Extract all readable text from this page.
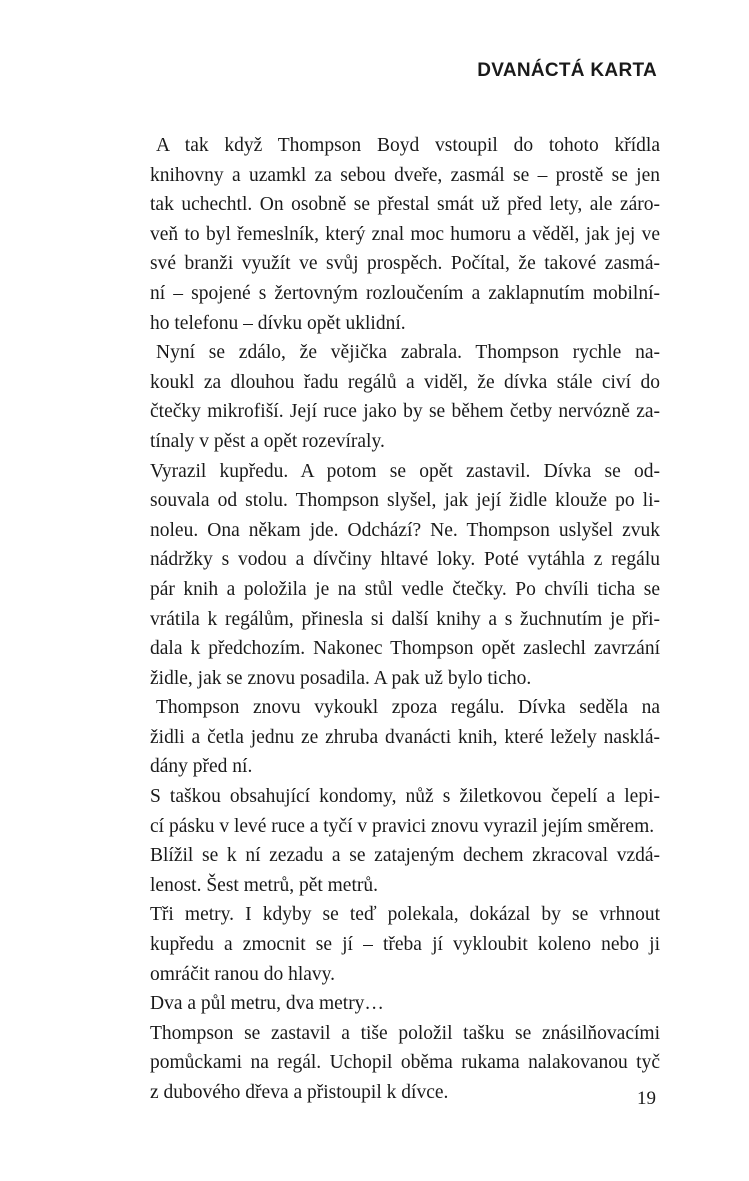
DVANÁCTÁ KARTA

A tak když Thompson Boyd vstoupil do tohoto křídla
knihovny a uzamkl za sebou dveře, zasmál se – prostě se jen
tak uchechtl. On osobně se přestal smát už před lety, ale záro-
veň to byl řemeslník, který znal moc humoru a věděl, jak jej ve
své branži využít ve svůj prospěch. Počítal, že takové zasmá-
ní – spojené s žertovným rozloučením a zaklapnutím mobilní-
ho telefonu – dívku opět uklidní.

Nyní se zdálo, že vějička zabrala. Thompson rychle na-
koukl za dlouhou řadu regálů a viděl, že dívka stále civí do
čtečky mikrofiší. Její ruce jako by se během četby nervózně za-
tínaly v pěst a opět rozevíraly.

Vyrazil kupředu. A potom se opět zastavil. Dívka se od-
souvala od stolu. Thompson slyšel, jak její židle klouže po li-
noleu. Ona někam jde. Odchází? Ne. Thompson uslyšel zvuk
nádržky s vodou a dívčiny hltavé loky. Poté vytáhla z regálu
pár knih a položila je na stůl vedle čtečky. Po chvíli ticha se
vrátila k regálům, přinesla si další knihy a s žuchnutím je při-
dala k předchozím. Nakonec Thompson opět zaslechl zavrzání
židle, jak se znovu posadila. A pak už bylo ticho.

Thompson znovu vykoukl zpoza regálu. Dívka seděla na
židli a četla jednu ze zhruba dvanácti knih, které ležely nasklá-
dány před ní.

S taškou obsahující kondomy, nůž s žiletkovou čepelí a lepi-
cí pásku v levé ruce a tyčí v pravici znovu vyrazil jejím směrem.

Blížil se k ní zezadu a se zatajeným dechem zkracoval vzdá-
lenost. Šest metrů, pět metrů.

Tři metry. I kdyby se teď polekala, dokázal by se vrhnout
kupředu a zmocnit se jí – třeba jí vykloubit koleno nebo ji
omráčit ranou do hlavy.

Dva a půl metru, dva metry…

Thompson se zastavil a tiše položil tašku se znásilňovacími
pomůckami na regál. Uchopil oběma rukama nalakovanou tyč
z dubového dřeva a přistoupil k dívce.	19
